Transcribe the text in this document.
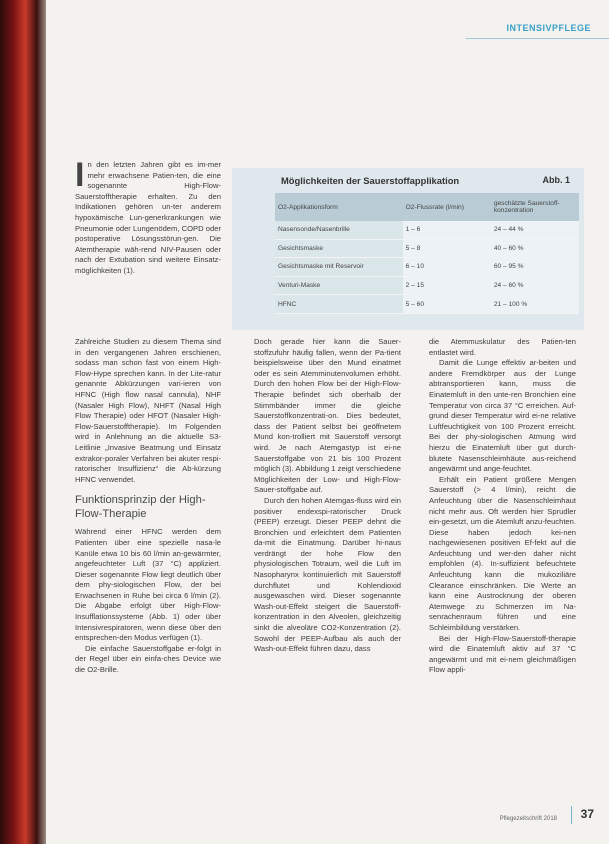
INTENSIVPFLEGE

In den letzten Jahren gibt es im-mer mehr erwachsene Patien-ten, die eine sogenannte High-Flow-Sauerstofftherapie erhalten. Zu den Indikationen gehören un-ter anderem hypoxämische Lun-generkrankungen wie Pneumonie oder Lungenödem, COPD oder postoperative Lösungsstörun-gen. Die Atemtherapie wäh-rend NIV-Pausen oder nach der Extubation sind weitere Einsatz-möglichkeiten (1).

Zahlreiche Studien zu diesem Thema sind in den vergangenen Jahren erschienen, sodass man schon fast von einem High-Flow-Hype sprechen kann. In der Lite-ratur genannte Abkürzungen vari-ieren von HFNC (High flow nasal cannula), NHF (Nasaler High Flow), NHFT (Nasal High Flow Therapie) oder HFOT (Nasaler High-Flow-Sauerstofftherapie). Im Folgenden wird in Anlehnung an die aktuelle S3-Leitlinie „Invasive Beatmung und Einsatz extrakor-poraler Verfahren bei akuter respi-ratorischer Insuffizienz“ die Ab-kürzung HFNC verwendet.

Funktionsprinzip der High-Flow-Therapie

Während einer HFNC werden dem Patienten über eine spezielle nasa-le Kanüle etwa 10 bis 60 l/min an-gewärmter, angefeuchteter Luft (37 °C) appliziert. Dieser sogenannte Flow liegt deutlich über dem phy-siologischen Flow, der bei Erwachsenen in Ruhe bei circa 6 l/min (2). Die Abgabe erfolgt über High-Flow-Insufflationssysteme (Abb. 1) oder über Intensivrespiratoren, wenn diese über den entsprechen-den Modus verfügen (1).

Die einfache Sauerstoffgabe er-folgt in der Regel über ein einfa-ches Device wie die O2-Brille.

Doch gerade hier kann die Sauer-stoffzufuhr häufig fallen, wenn der Pa-tient beispielsweise über den Mund einatmet oder es sein Atemminutenvolumen erhöht. Durch den hohen Flow bei der High-Flow-Therapie befindet sich oberhalb der Stimmbänder immer die gleiche Sauerstoffkonzentrati-on. Dies bedeutet, dass der Patient selbst bei geöffnetem Mund kon-trolliert mit Sauerstoff versorgt wird. Je nach Atemgastyp ist ei-ne Sauerstoffgabe von 21 bis 100 Prozent möglich (3). Abbildung 1 zeigt verschiedene Möglichkeiten der Low- und High-Flow-Sauer-stoffgabe auf.

Durch den hohen Atemgas-fluss wird ein positiver endexspi-ratorischer Druck (PEEP) erzeugt. Dieser PEEP dehnt die Bronchien und erleichtert dem Patienten da-mit die Einatmung. Darüber hi-naus verdrängt der hohe Flow den physiologischen Totraum, weil die Luft im Nasopharynx kontinuierlich mit Sauerstoff durchflutet und Kohlendioxid ausgewaschen wird. Dieser sogenannte Wash-out-Effekt steigert die Sauerstoff-konzentration in den Alveolen, gleichzeitig sinkt die alveoläre CO2-Konzentration (2). Sowohl der PEEP-Aufbau als auch der Wash-out-Effekt führen dazu, dass

die Atemmuskulatur des Patien-ten entlastet wird.

Damit die Lunge effektiv ar-beiten und andere Fremdkörper aus der Lunge abtransportieren kann, muss die Einatemluft in den unte-ren Bronchien eine Temperatur von circa 37 °C erreichen. Auf-grund dieser Temperatur wird ei-ne relative Luftfeuchtigkeit von 100 Prozent erreicht. Bei der phy-siologischen Atmung wird hierzu die Einatemluft über gut durch-blutete Nasenschleimhäute aus-reichend angewärmt und ange-feuchtet.

Erhält ein Patient größere Mengen Sauerstoff (> 4 l/min), reicht die Anfeuchtung über die Nasenschleimhaut nicht mehr aus. Oft werden hier Sprudler ein-gesetzt, um die Atemluft anzu-feuchten. Diese haben jedoch kei-nen nachgewiesenen positiven Ef-fekt auf die Anfeuchtung und wer-den daher nicht empfohlen (4). In-suffizient befeuchtete Anfeuchtung kann die mukoziliäre Clearance einschränken. Die Werte an kann eine Austrocknung der oberen Atemwege zu Schmerzen im Na-senrachenraum führen und eine Schleimbildung verstärken.

Bei der High-Flow-Sauerstoff-therapie wird die Einatemluft aktiv auf 37 °C angewärmt und mit ei-nem gleichmäßigen Flow appli-

Möglichkeiten der Sauerstoffapplikation	Abb. 1
O2-Applikationsform	O2-Flussrate (l/min)	geschätzte Sauerstoff-konzentration
Nasensonde/Nasenbrille	1 – 6	24 – 44 %
Gesichtsmaske	5 – 8	40 – 60 %
Gesichtsmaske mit Reservoir	6 – 10	60 – 95 %
Venturi-Maske	2 – 15	24 – 60 %
HFNC	5 – 60	21 – 100 %
Pflegezeitschrift 2018 37
